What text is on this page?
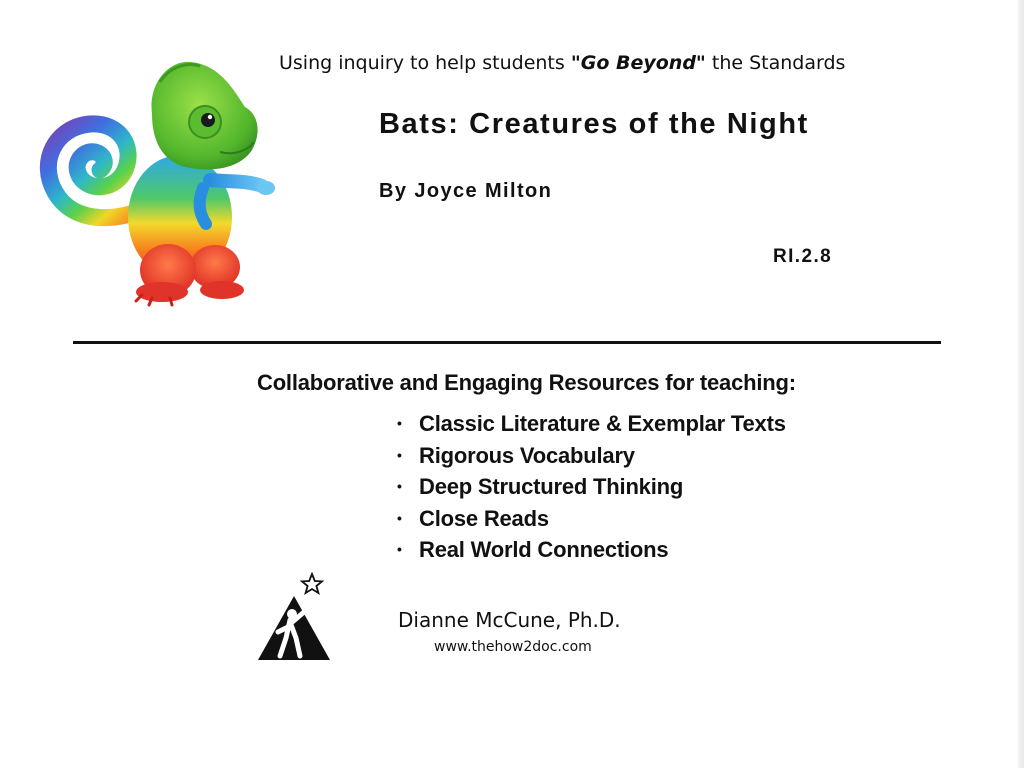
Using inquiry to help students "Go Beyond" the Standards
Bats: Creatures of the Night
By Joyce Milton
RI.2.8
Collaborative and Engaging Resources for teaching:
• Classic Literature & Exemplar Texts
• Rigorous Vocabulary
• Deep Structured Thinking
• Close Reads
• Real World Connections
Dianne McCune, Ph.D.
www.thehow2doc.com
